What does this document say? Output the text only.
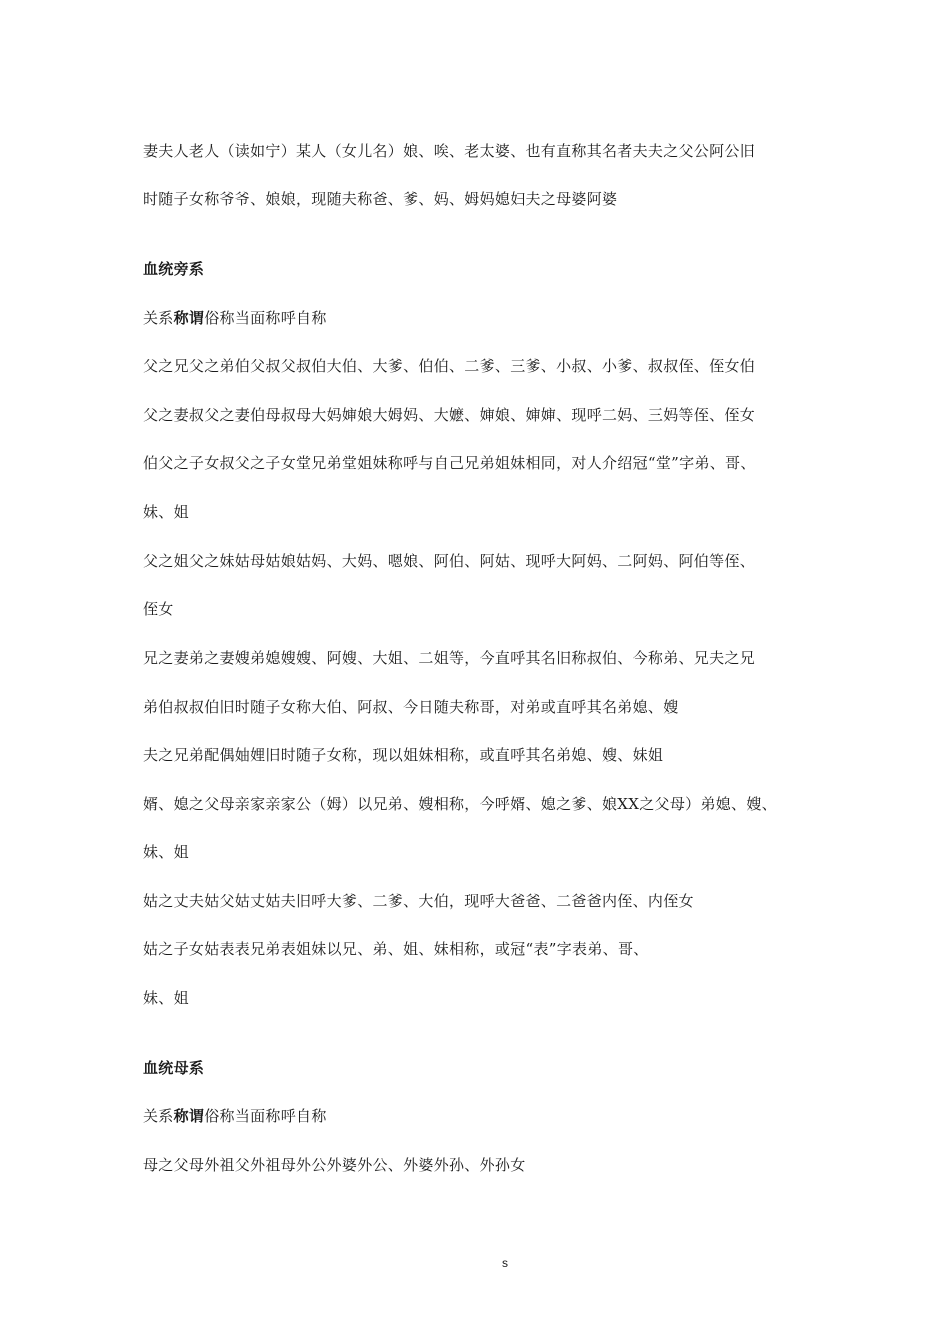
妻夫人老人（读如宁）某人（女儿名）娘、唉、老太婆、也有直称其名者夫夫之父公阿公旧
时随子女称爷爷、娘娘，现随夫称爸、爹、妈、姆妈媳妇夫之母婆阿婆
血统旁系
关系称谓俗称当面称呼自称
父之兄父之弟伯父叔父叔伯大伯、大爹、伯伯、二爹、三爹、小叔、小爹、叔叔侄、侄女伯
父之妻叔父之妻伯母叔母大妈婶娘大姆妈、大嬷、婶娘、婶婶、现呼二妈、三妈等侄、侄女
伯父之子女叔父之子女堂兄弟堂姐妹称呼与自己兄弟姐妹相同，对人介绍冠“堂”字弟、哥、
妹、姐
父之姐父之妹姑母姑娘姑妈、大妈、嗯娘、阿伯、阿姑、现呼大阿妈、二阿妈、阿伯等侄、
侄女
兄之妻弟之妻嫂弟媳嫂嫂、阿嫂、大姐、二姐等，今直呼其名旧称叔伯、今称弟、兄夫之兄
弟伯叔叔伯旧时随子女称大伯、阿叔、今日随夫称哥，对弟或直呼其名弟媳、嫂
夫之兄弟配偶妯娌旧时随子女称，现以姐妹相称，或直呼其名弟媳、嫂、妹姐
婿、媳之父母亲家亲家公（姆）以兄弟、嫂相称，今呼婿、媳之爹、娘XX之父母）弟媳、嫂、
妹、姐
姑之丈夫姑父姑丈姑夫旧呼大爹、二爹、大伯，现呼大爸爸、二爸爸内侄、内侄女
姑之子女姑表表兄弟表姐妹以兄、弟、姐、妹相称，或冠“表”字表弟、哥、
妹、姐
血统母系
关系称谓俗称当面称呼自称
母之父母外祖父外祖母外公外婆外公、外婆外孙、外孙女
s
